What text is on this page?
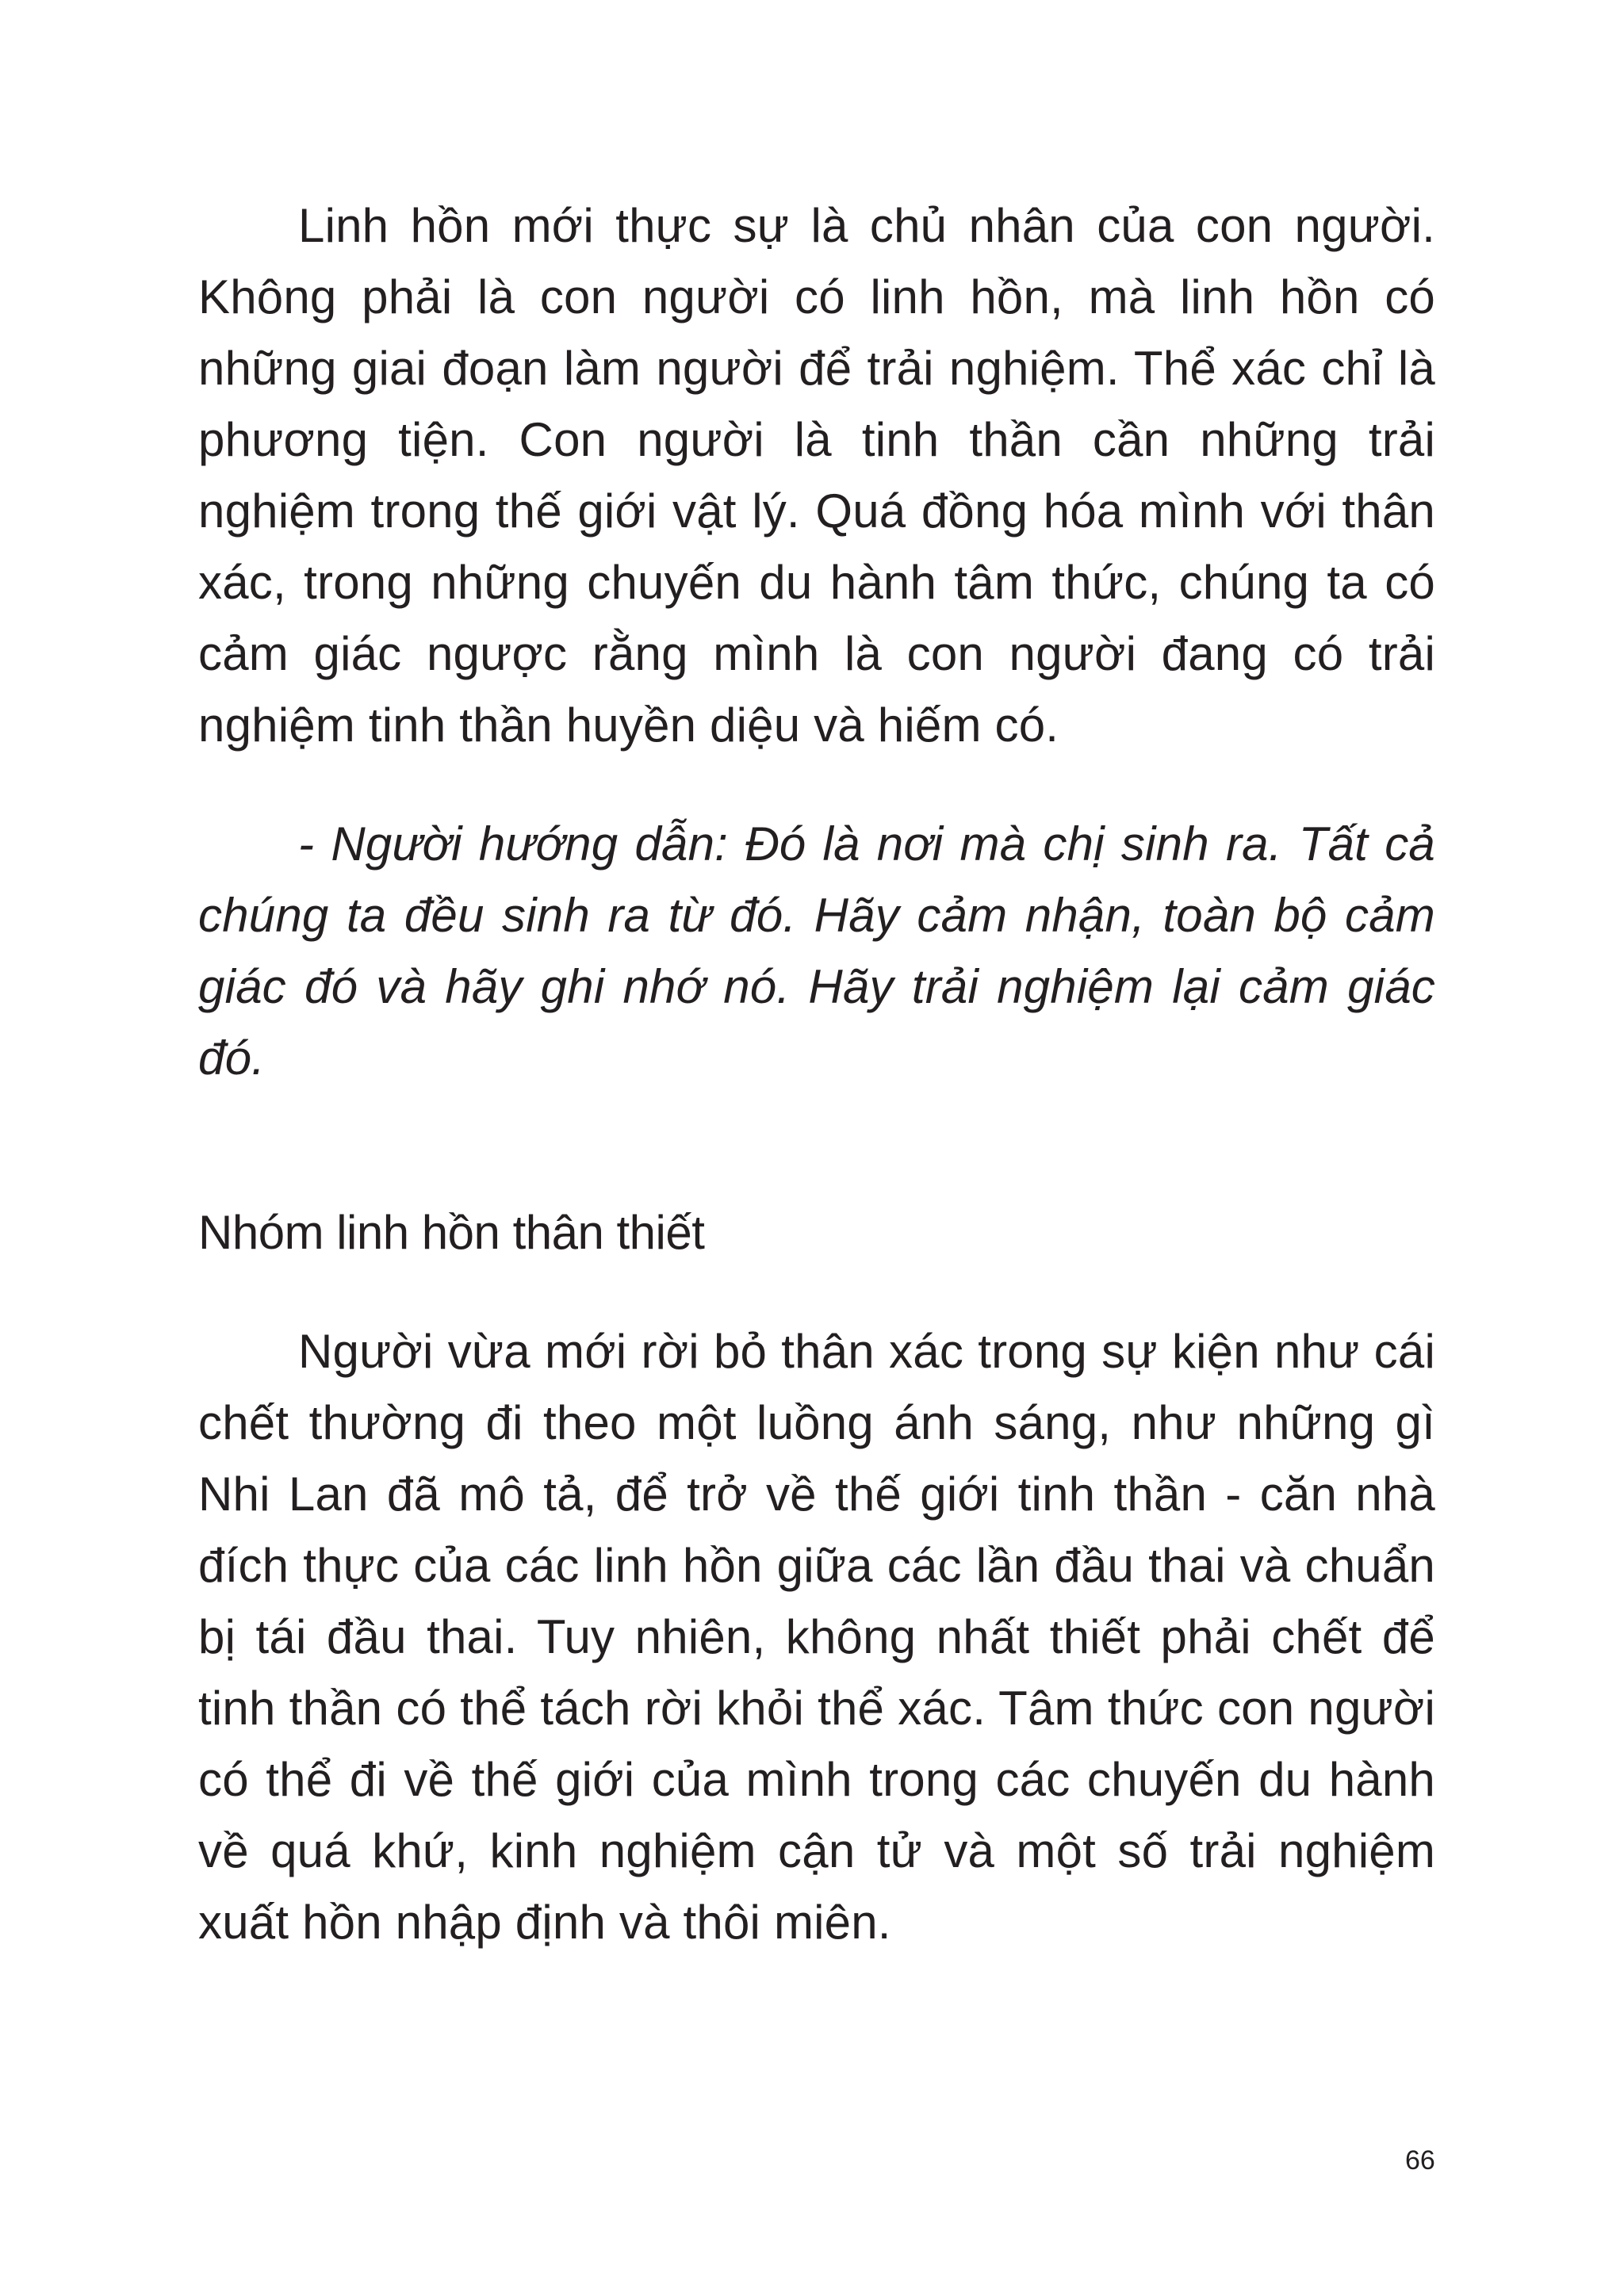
Linh hồn mới thực sự là chủ nhân của con người. Không phải là con người có linh hồn, mà linh hồn có những giai đoạn làm người để trải nghiệm. Thể xác chỉ là phương tiện. Con người là tinh thần cần những trải nghiệm trong thế giới vật lý. Quá đồng hóa mình với thân xác, trong những chuyến du hành tâm thức, chúng ta có cảm giác ngược rằng mình là con người đang có trải nghiệm tinh thần huyền diệu và hiếm có.

- Người hướng dẫn: Đó là nơi mà chị sinh ra. Tất cả chúng ta đều sinh ra từ đó. Hãy cảm nhận, toàn bộ cảm giác đó và hãy ghi nhớ nó. Hãy trải nghiệm lại cảm giác đó.

Nhóm linh hồn thân thiết

Người vừa mới rời bỏ thân xác trong sự kiện như cái chết thường đi theo một luồng ánh sáng, như những gì Nhi Lan đã mô tả, để trở về thế giới tinh thần - căn nhà đích thực của các linh hồn giữa các lần đầu thai và chuẩn bị tái đầu thai. Tuy nhiên, không nhất thiết phải chết để tinh thần có thể tách rời khỏi thể xác. Tâm thức con người có thể đi về thế giới của mình trong các chuyến du hành về quá khứ, kinh nghiệm cận tử và một số trải nghiệm xuất hồn nhập định và thôi miên.

66
